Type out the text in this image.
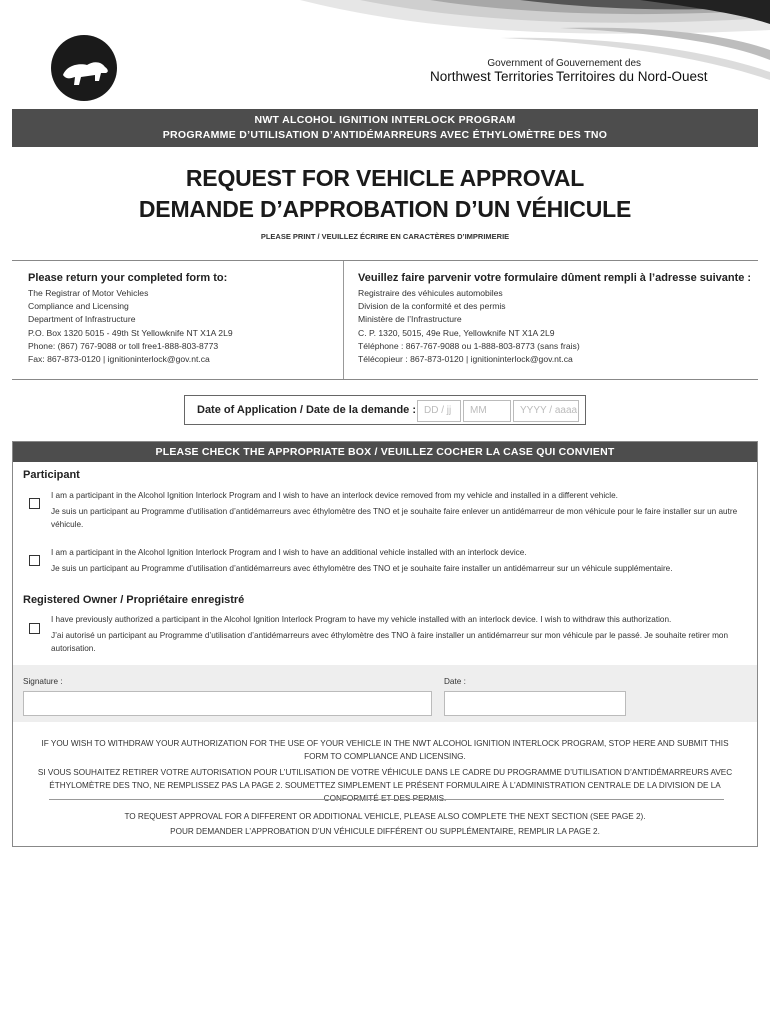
Government of
Northwest Territories
Gouvernement des
Territoires du Nord-Ouest
NWT ALCOHOL IGNITION INTERLOCK PROGRAM
PROGRAMME D’UTILISATION D’ANTIDÉMARREURS AVEC ÉTHYLOMÈTRE DES TNO
REQUEST FOR VEHICLE APPROVAL
DEMANDE D’APPROBATION D’UN VÉHICULE
PLEASE PRINT / VEUILLEZ ÉCRIRE EN CARACTÈRES D’IMPRIMERIE
Please return your completed form to:
The Registrar of Motor Vehicles
Compliance and Licensing
Department of Infrastructure
P.O. Box 1320 5015 - 49th St Yellowknife NT X1A 2L9
Phone: (867) 767-9088 or toll free1-888-803-8773
Fax: 867-873-0120 | ignitioninterlock@gov.nt.ca
Veuillez faire parvenir votre formulaire dûment rempli à l’adresse suivante :
Registraire des véhicules automobiles
Division de la conformité et des permis
Ministère de l’Infrastructure
C. P. 1320, 5015, 49e Rue, Yellowknife NT X1A 2L9
Téléphone : 867-767-9088 ou 1-888-803-8773 (sans frais)
Télécopieur : 867-873-0120 | ignitioninterlock@gov.nt.ca
Date of Application / Date de la demande : DD / jj	MM	YYYY / aaaa
PLEASE CHECK THE APPROPRIATE BOX / VEUILLEZ COCHER LA CASE QUI CONVIENT
Participant

I am a participant in the Alcohol Ignition Interlock Program and I wish to have an interlock device removed from my vehicle and installed in a different vehicle.

Je suis un participant au Programme d’utilisation d’antidémarreurs avec éthylomètre des TNO et je souhaite faire enlever un antidémarreur de mon véhicule pour le faire installer sur un autre véhicule.

I am a participant in the Alcohol Ignition Interlock Program and I wish to have an additional vehicle installed with an interlock device.

Je suis un participant au Programme d’utilisation d’antidémarreurs avec éthylomètre des TNO et je souhaite faire installer un antidémarreur sur un véhicule supplémentaire.

Registered Owner / Propriétaire enregistré

I have previously authorized a participant in the Alcohol Ignition Interlock Program to have my vehicle installed with an interlock device. I wish to withdraw this authorization.

J’ai autorisé un participant au Programme d’utilisation d’antidémarreurs avec éthylomètre des TNO à faire installer un antidémarreur sur mon véhicule par le passé. Je souhaite retirer mon autorisation.

Signature :	Date :
IF YOU WISH TO WITHDRAW YOUR AUTHORIZATION FOR THE USE OF YOUR VEHICLE IN THE NWT ALCOHOL IGNITION INTERLOCK PROGRAM, STOP HERE AND SUBMIT THIS FORM TO COMPLIANCE AND LICENSING.
SI VOUS SOUHAITEZ RETIRER VOTRE AUTORISATION POUR L’UTILISATION DE VOTRE VÉHICULE DANS LE CADRE DU PROGRAMME D’UTILISATION D’ANTIDÉMARREURS AVEC ÉTHYLOMÈTRE DES TNO, NE REMPLISSEZ PAS LA PAGE 2. SOUMETTEZ SIMPLEMENT LE PRÉSENT FORMULAIRE À L’ADMINISTRATION CENTRALE DE LA DIVISION DE LA
TO REQUEST APPROVAL FOR A DIFFERENT OR ADDITIONAL VEHICLE, PLEASE ALSO COMPLETE THE NEXT SECTION (SEE PAGE 2).
POUR DEMANDER L’APPROBATION D’UN VÉHICULE DIFFÉRENT OU SUPPLÉMENTAIRE, REMPLIR LA PAGE 2.
